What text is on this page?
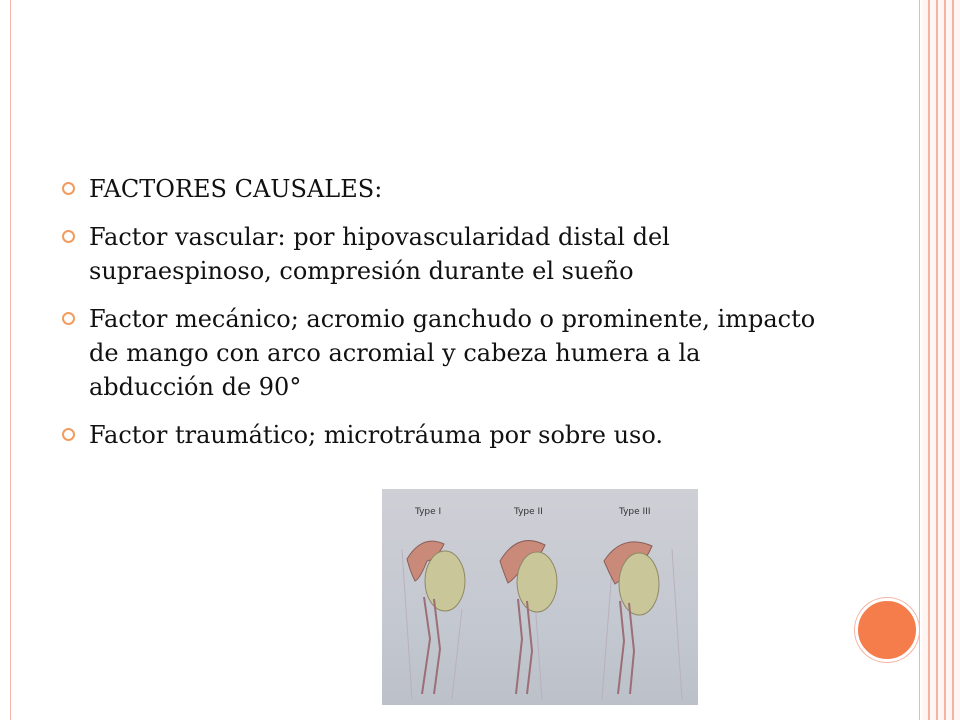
FACTORES CAUSALES:
Factor vascular: por hipovascularidad distal del supraespinoso, compresión durante el sueño
Factor mecánico; acromio ganchudo o prominente, impacto de mango con arco acromial y cabeza humera a la abducción de 90°
Factor traumático; microtráuma por sobre uso.
Type I	Type II	Type III
